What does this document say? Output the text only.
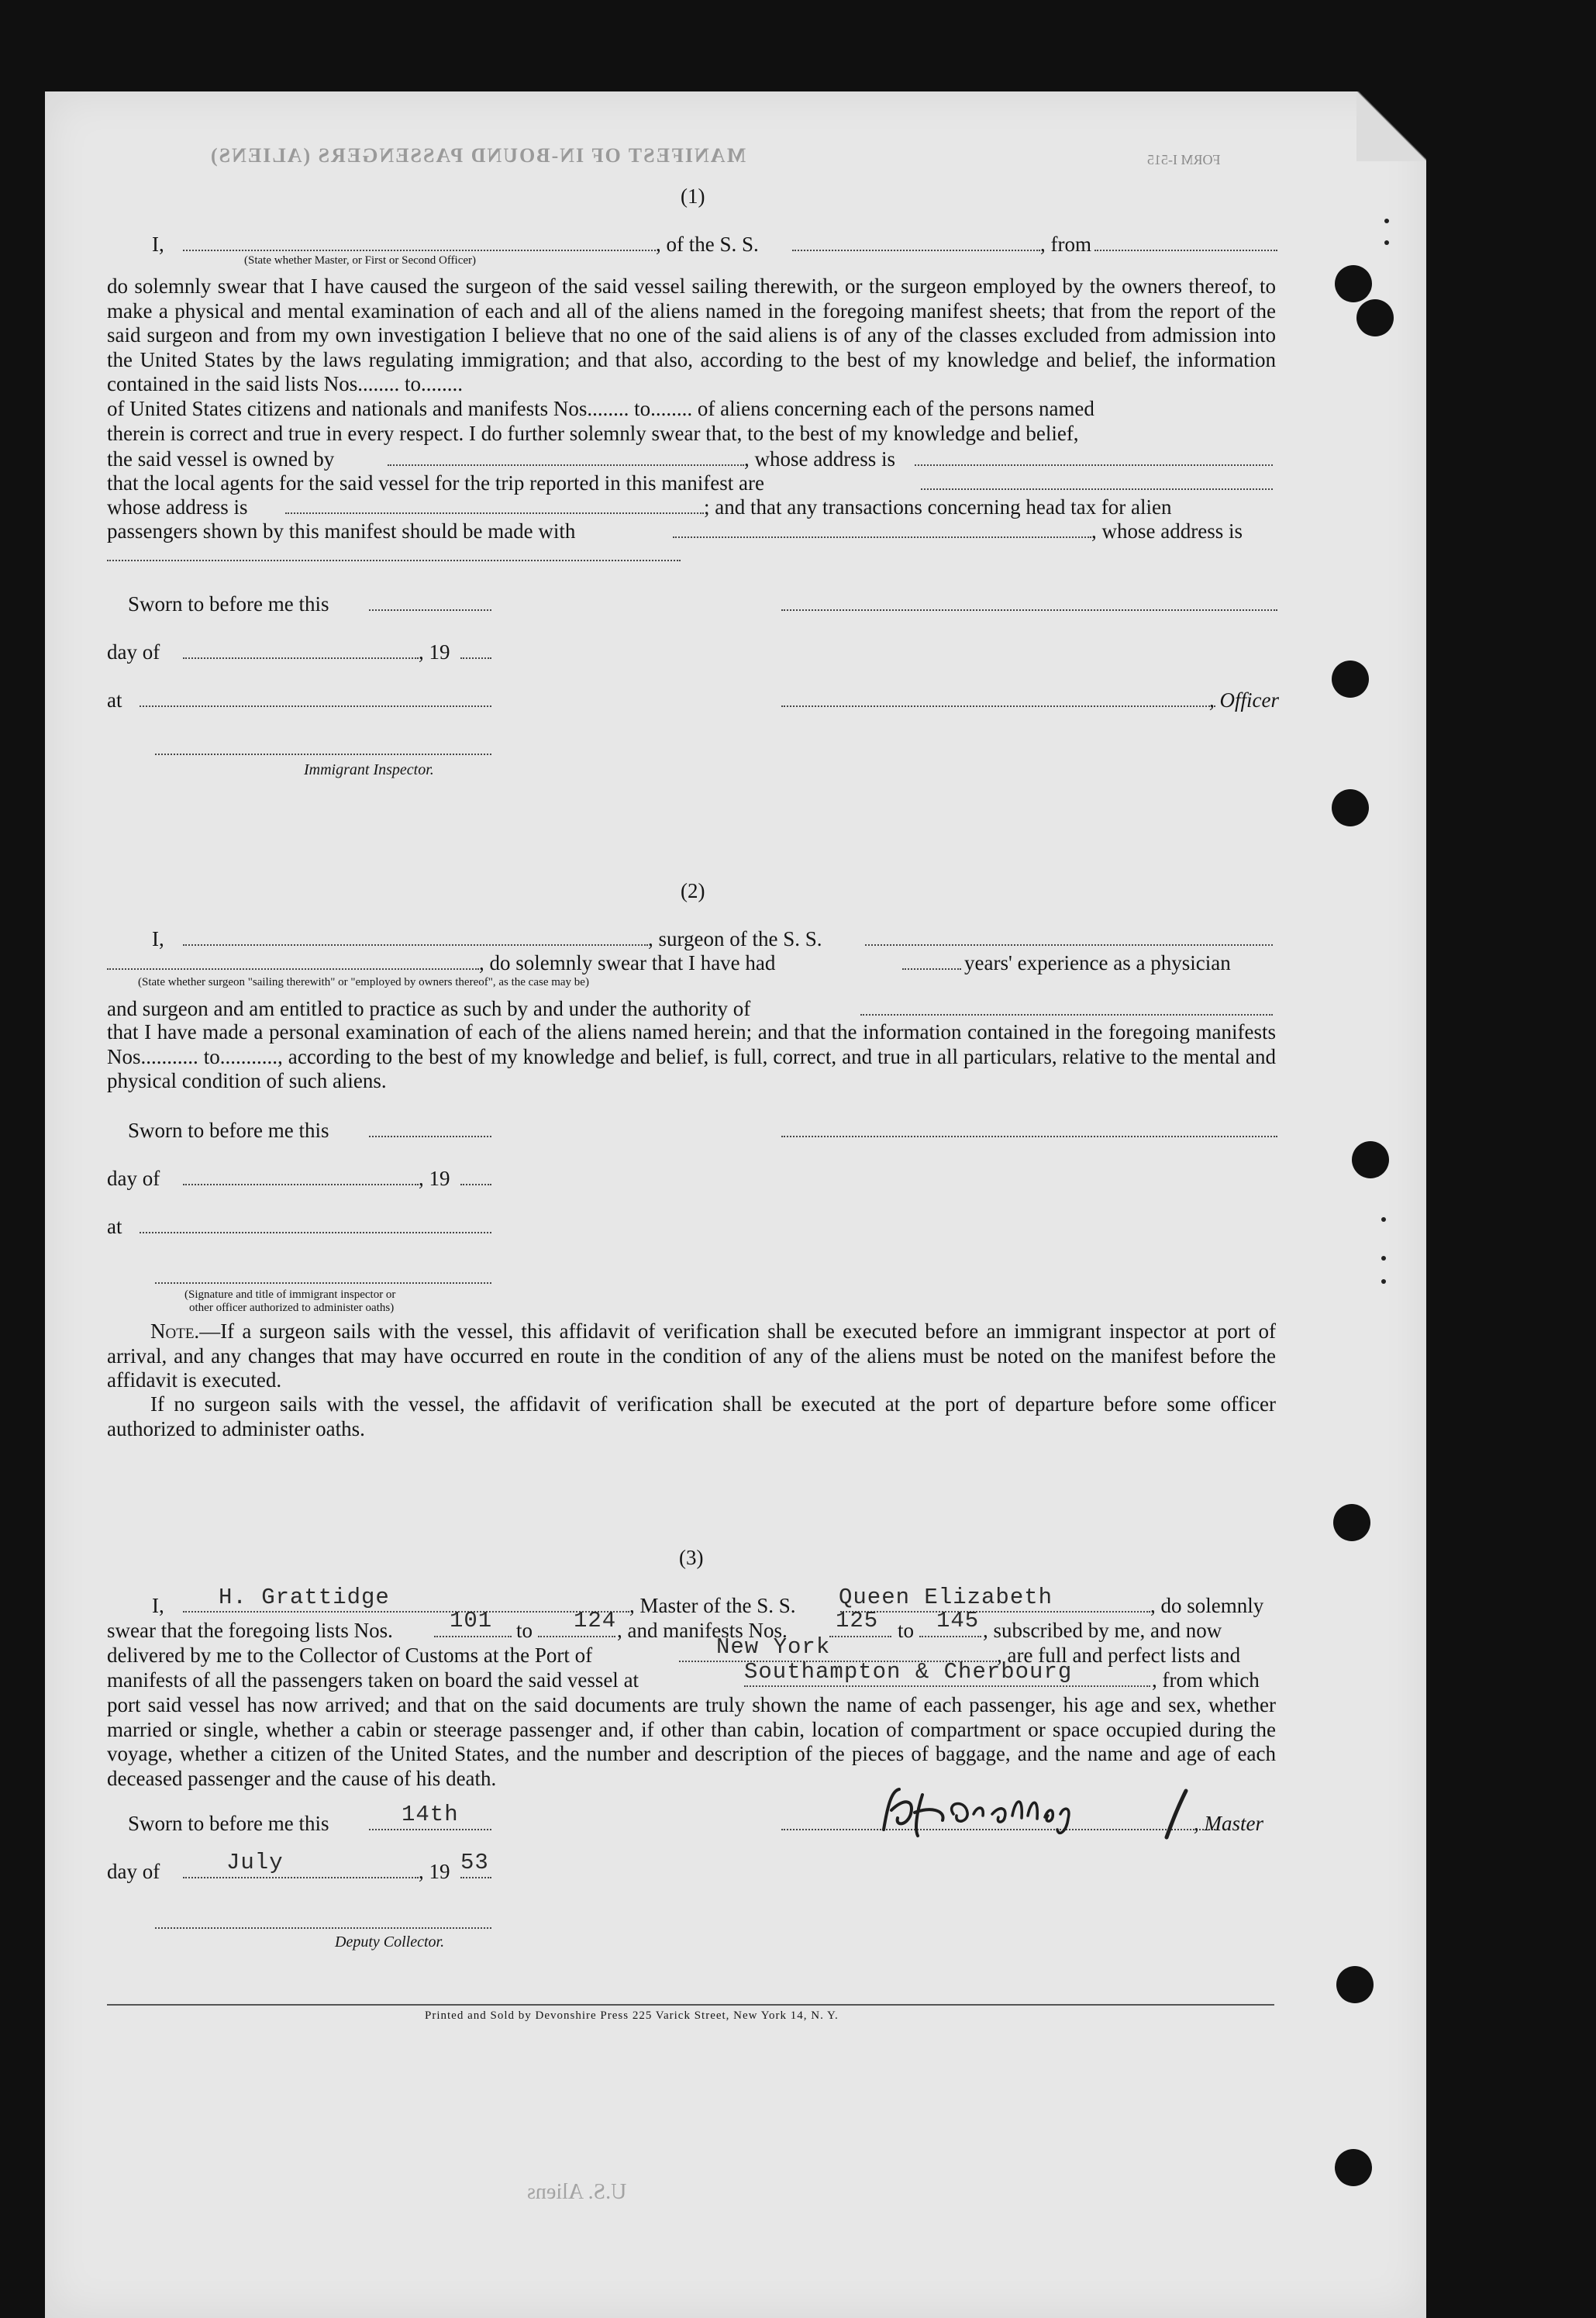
MANIFEST OF IN-BOUND PASSENGERS (ALIENS)	FORM I-515
U.S. Aliens
(1)
I,	, of the S. S.	, from
(State whether Master, or First or Second Officer)
do solemnly swear that I have caused the surgeon of the said vessel sailing therewith, or the surgeon employed by the owners thereof, to make a physical and mental examination of each and all of the aliens named in the foregoing manifest sheets; that from the report of the said surgeon and from my own investigation I believe that no one of the said aliens is of any of the classes excluded from admission into the United States by the laws regulating immigration; and that also, according to the best of my knowledge and belief, the information contained in the said lists Nos........ to........
of United States citizens and nationals and manifests Nos........ to........ of aliens concerning each of the persons named
therein is correct and true in every respect. I do further solemnly swear that, to the best of my knowledge and belief,
the said vessel is owned by	, whose address is
that the local agents for the said vessel for the trip reported in this manifest are
whose address is	; and that any transactions concerning head tax for alien
passengers shown by this manifest should be made with	, whose address is
Sworn to before me this
day of	, 19
at	, Officer
Immigrant Inspector.
(2)
I,	, surgeon of the S. S.
, do solemnly swear that I have had	years' experience as a physician
(State whether surgeon "sailing therewith" or "employed by owners thereof", as the case may be)
and surgeon and am entitled to practice as such by and under the authority of
that I have made a personal examination of each of the aliens named herein; and that the information contained in the foregoing manifests Nos........... to..........., according to the best of my knowledge and belief, is full, correct, and true in all particulars, relative to the mental and physical condition of such aliens.
Sworn to before me this
day of	, 19
at
(Signature and title of immigrant inspector or
other officer authorized to administer oaths)
Note.—If a surgeon sails with the vessel, this affidavit of verification shall be executed before an immigrant inspector at port of arrival, and any changes that may have occurred en route in the condition of any of the aliens must be noted on the manifest before the affidavit is executed.
If no surgeon sails with the vessel, the affidavit of verification shall be executed at the port of departure before some officer authorized to administer oaths.
(3)
I, H. Grattidge	, Master of the S. S. Queen Elizabeth	, do solemnly
swear that the foregoing lists Nos.	101 to 124 , and manifests Nos. 125 to 145 , subscribed by me, and now
delivered by me to the Collector of Customs at the Port of	New York	, are full and perfect lists and
manifests of all the passengers taken on board the said vessel at	Southampton & Cherbourg	, from which
port said vessel has now arrived; and that on the said documents are truly shown the name of each passenger, his age and sex, whether married or single, whether a cabin or steerage passenger and, if other than cabin, location of compartment or space occupied during the voyage, whether a citizen of the United States, and the number and description of the pieces of baggage, and the name and age of each deceased passenger and the cause of his death.
Sworn to before me this	14th	, Master
day of	July	, 19 53
Deputy Collector.
Printed and Sold by Devonshire Press 225 Varick Street, New York 14, N. Y.
